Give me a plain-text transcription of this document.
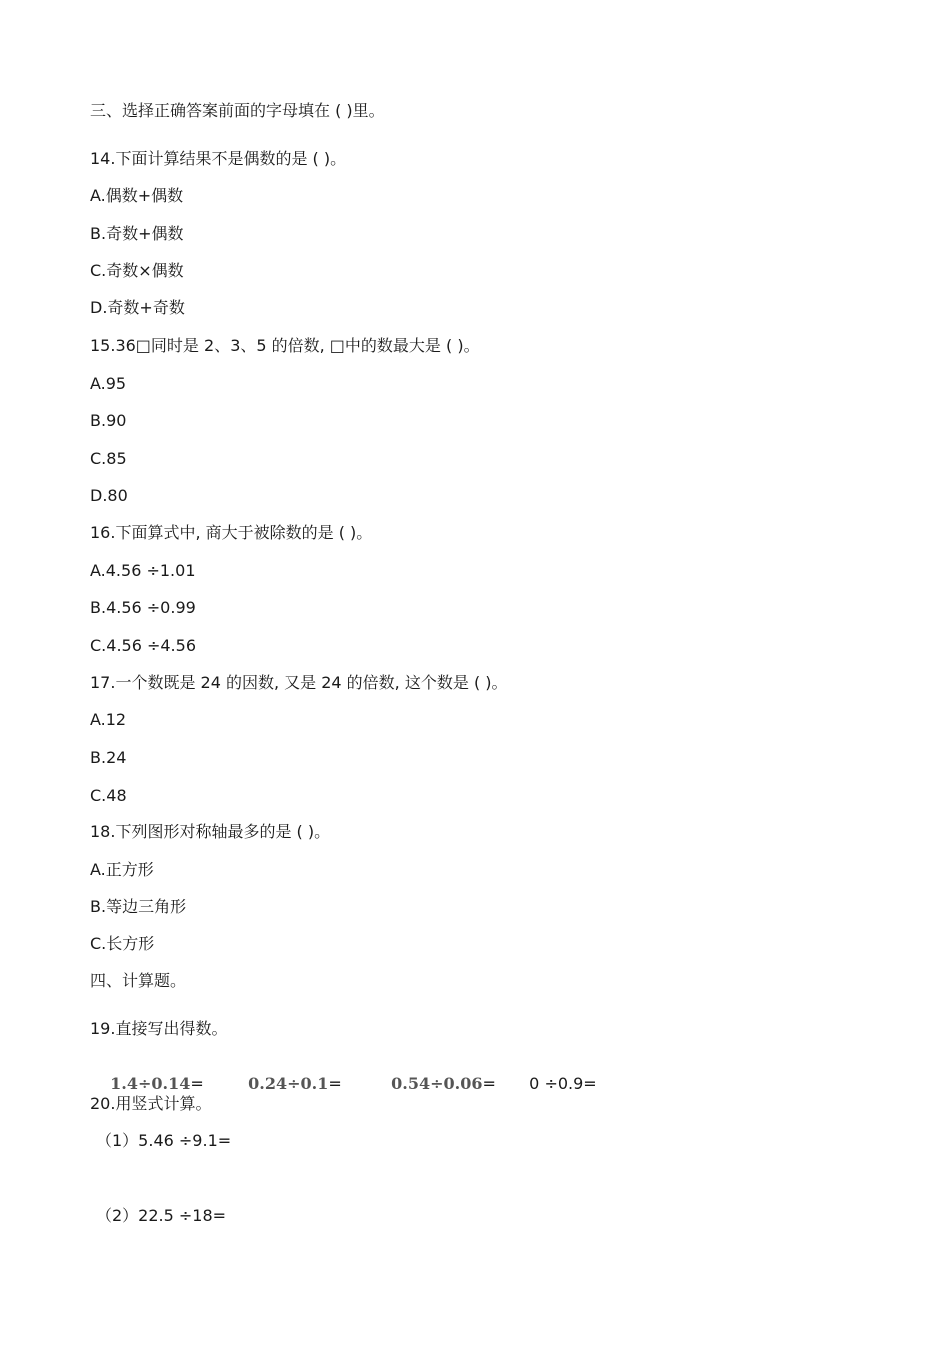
三、选择正确答案前面的字母填在 ( )里。
14.下面计算结果不是偶数的是 ( )。
A.偶数+偶数
B.奇数+偶数
C.奇数×偶数
D.奇数+奇数
15.36□同时是 2、3、5 的倍数, □中的数最大是 ( )。
A.95
B.90
C.85
D.80
16.下面算式中, 商大于被除数的是 ( )。
A.4.56 ÷1.01
B.4.56 ÷0.99
C.4.56 ÷4.56
17.一个数既是 24 的因数, 又是 24 的倍数, 这个数是 ( )。
A.12
B.24
C.48
18.下列图形对称轴最多的是 ( )。
A.正方形
B.等边三角形
C.长方形
四、计算题。
19.直接写出得数。

1.4÷0.14=	0.24÷0.1=	0.54÷0.06=	0 ÷0.9=

20.用竖式计算。
（1）5.46 ÷9.1=
（2）22.5 ÷18=
